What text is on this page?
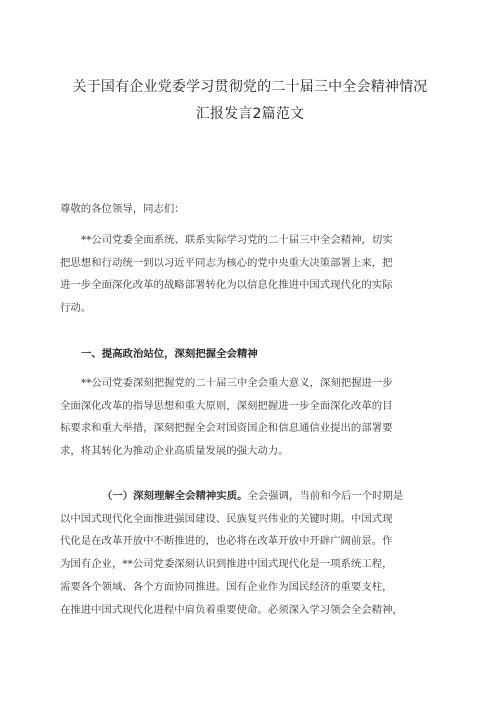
关于国有企业党委学习贯彻党的二十届三中全会精神情况
汇报发言2篇范文
尊敬的各位领导，同志们：
**公司党委全面系统、联系实际学习党的二十届三中全会精神，切实
把思想和行动统一到以习近平同志为核心的党中央重大决策部署上来，把
进一步全面深化改革的战略部署转化为以信息化推进中国式现代化的实际
行动。
一、提高政治站位，深刻把握全会精神
**公司党委深刻把握党的二十届三中全会重大意义，深刻把握进一步
全面深化改革的指导思想和重大原则，深刻把握进一步全面深化改革的目
标要求和重大举措，深刻把握全会对国资国企和信息通信业提出的部署要
求，将其转化为推动企业高质量发展的强大动力。
（一）深刻理解全会精神实质。全会强调，当前和今后一个时期是
以中国式现代化全面推进强国建设、民族复兴伟业的关键时期。中国式现
代化是在改革开放中不断推进的，也必将在改革开放中开辟广阔前景。作
为国有企业，**公司党委深刻认识到推进中国式现代化是一项系统工程，
需要各个领域、各个方面协同推进。国有企业作为国民经济的重要支柱，
在推进中国式现代化进程中肩负着重要使命。必须深入学习领会全会精神，
